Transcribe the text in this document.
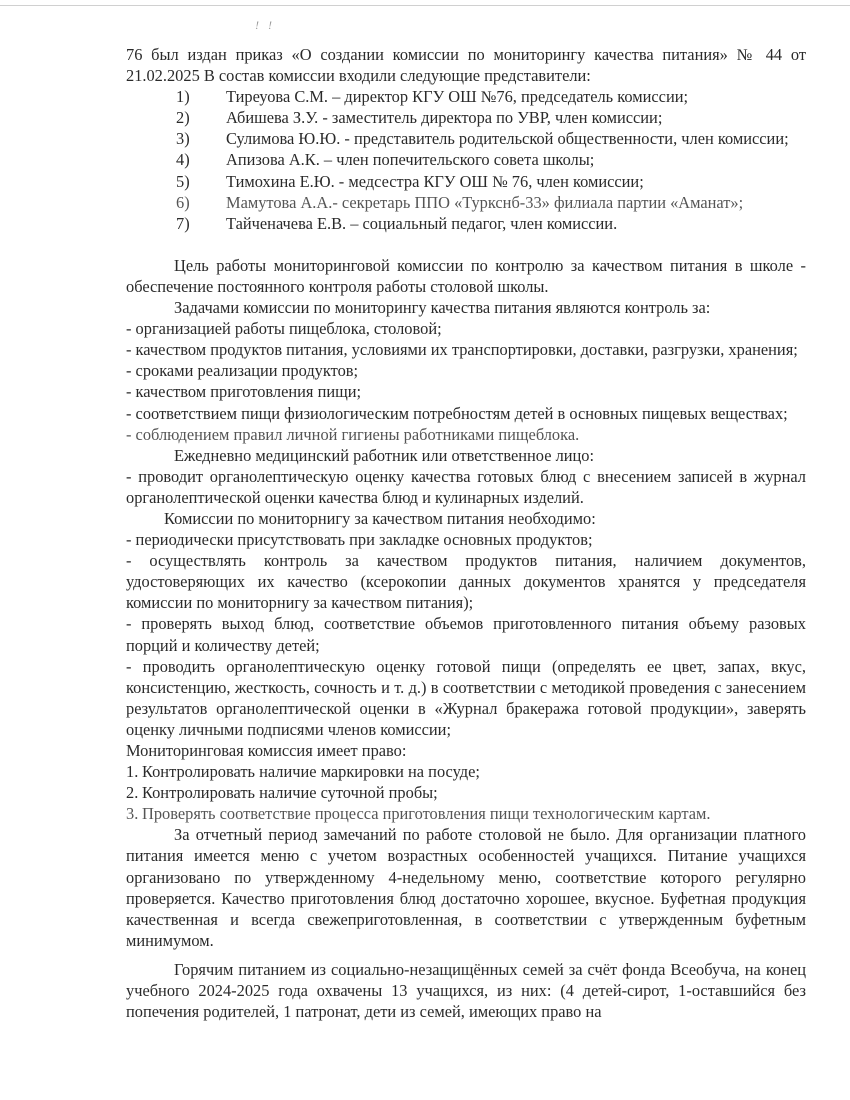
! !

76 был издан приказ «О создании комиссии по мониторингу качества питания» № 44 от 21.02.2025 В состав комиссии входили следующие представители:

1)	Тиреуова С.М. – директор КГУ ОШ №76, председатель комиссии;
2)	Абишева З.У. - заместитель директора по УВР, член комиссии;
3) Сулимова Ю.Ю. - представитель родительской общественности, член комиссии;
4)	Апизова А.К. – член попечительского совета школы;
5)	Тимохина Е.Ю. - медсестра КГУ ОШ № 76, член комиссии;
6) Мамутова А.А.- секретарь ППО «Туркснб-33» филиала партии «Аманат»;
7)	Тайченачева Е.В. – социальный педагог, член комиссии.

Цель работы мониторинговой комиссии по контролю за качеством питания в школе - обеспечение постоянного контроля работы столовой школы.

Задачами комиссии по мониторингу качества питания являются контроль за:

- организацией работы пищеблока, столовой;

- качеством продуктов питания, условиями их транспортировки, доставки, разгрузки, хранения;

- сроками реализации продуктов;

- качеством приготовления пищи;

- соответствием пищи физиологическим потребностям детей в основных пищевых веществах;

- соблюдением правил личной гигиены работниками пищеблока.

Ежедневно медицинский работник или ответственное лицо:

- проводит органолептическую оценку качества готовых блюд с внесением записей в журнал органолептической оценки качества блюд и кулинарных изделий.

Комиссии по мониторнигу за качеством питания необходимо:

- периодически присутствовать при закладке основных продуктов;

- осуществлять контроль за качеством продуктов питания, наличием документов, удостоверяющих их качество (ксерокопии данных документов хранятся у председателя комиссии по мониторнигу за качеством питания);

- проверять выход блюд, соответствие объемов приготовленного питания объему разовых порций и количеству детей;

- проводить органолептическую оценку готовой пищи (определять ее цвет, запах, вкус, консистенцию, жесткость, сочность и т. д.) в соответствии с методикой проведения с занесением результатов органолептической оценки в «Журнал бракеража готовой продукции», заверять оценку личными подписями членов комиссии;

Мониторинговая комиссия имеет право:

1. Контролировать наличие маркировки на посуде;
2. Контролировать наличие суточной пробы;
3. Проверять соответствие процесса приготовления пищи технологическим картам.

За отчетный период замечаний по работе столовой не было. Для организации платного питания имеется меню с учетом возрастных особенностей учащихся. Питание учащихся организовано по утвержденному 4-недельному меню, соответствие которого регулярно проверяется. Качество приготовления блюд достаточно хорошее, вкусное. Буфетная продукция качественная и всегда свежеприготовленная, в соответствии с утвержденным буфетным минимумом.

Горячим питанием из социально-незащищённых семей за счёт фонда Всеобуча, на конец учебного 2024-2025 года охвачены 13 учащихся, из них: (4 детей-сирот, 1-оставшийся без попечения родителей, 1 патронат, дети из семей, имеющих право на
